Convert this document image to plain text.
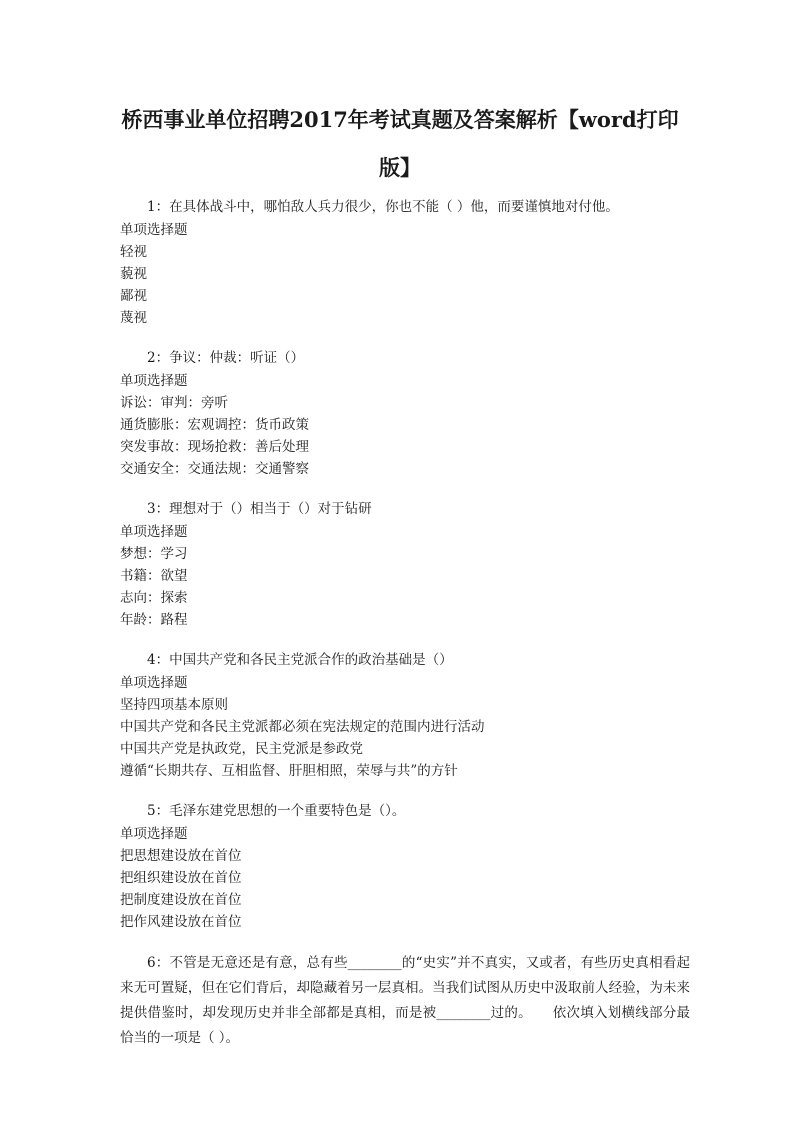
桥西事业单位招聘2017年考试真题及答案解析【word打印
版】

1：在具体战斗中，哪怕敌人兵力很少，你也不能（ ）他，而要谨慎地对付他。

单项选择题

轻视

藐视

鄙视

蔑视

2：争议：仲裁：听证（）

单项选择题

诉讼：审判：旁听

通货膨胀：宏观调控：货币政策

突发事故：现场抢救：善后处理

交通安全：交通法规：交通警察

3：理想对于（）相当于（）对于钻研

单项选择题

梦想：学习

书籍：欲望

志向：探索

年龄：路程

4：中国共产党和各民主党派合作的政治基础是（）

单项选择题

坚持四项基本原则

中国共产党和各民主党派都必须在宪法规定的范围内进行活动

中国共产党是执政党，民主党派是参政党

遵循“长期共存、互相监督、肝胆相照，荣辱与共”的方针

5：毛泽东建党思想的一个重要特色是（）。

单项选择题

把思想建设放在首位

把组织建设放在首位

把制度建设放在首位

把作风建设放在首位

6：不管是无意还是有意，总有些________的“史实”并不真实，又或者，有些历史真相看起来无可置疑，但在它们背后，却隐藏着另一层真相。当我们试图从历史中汲取前人经验，为未来提供借鉴时，却发现历史并非全部都是真相，而是被________过的。　　依次填入划横线部分最恰当的一项是（ ）。
